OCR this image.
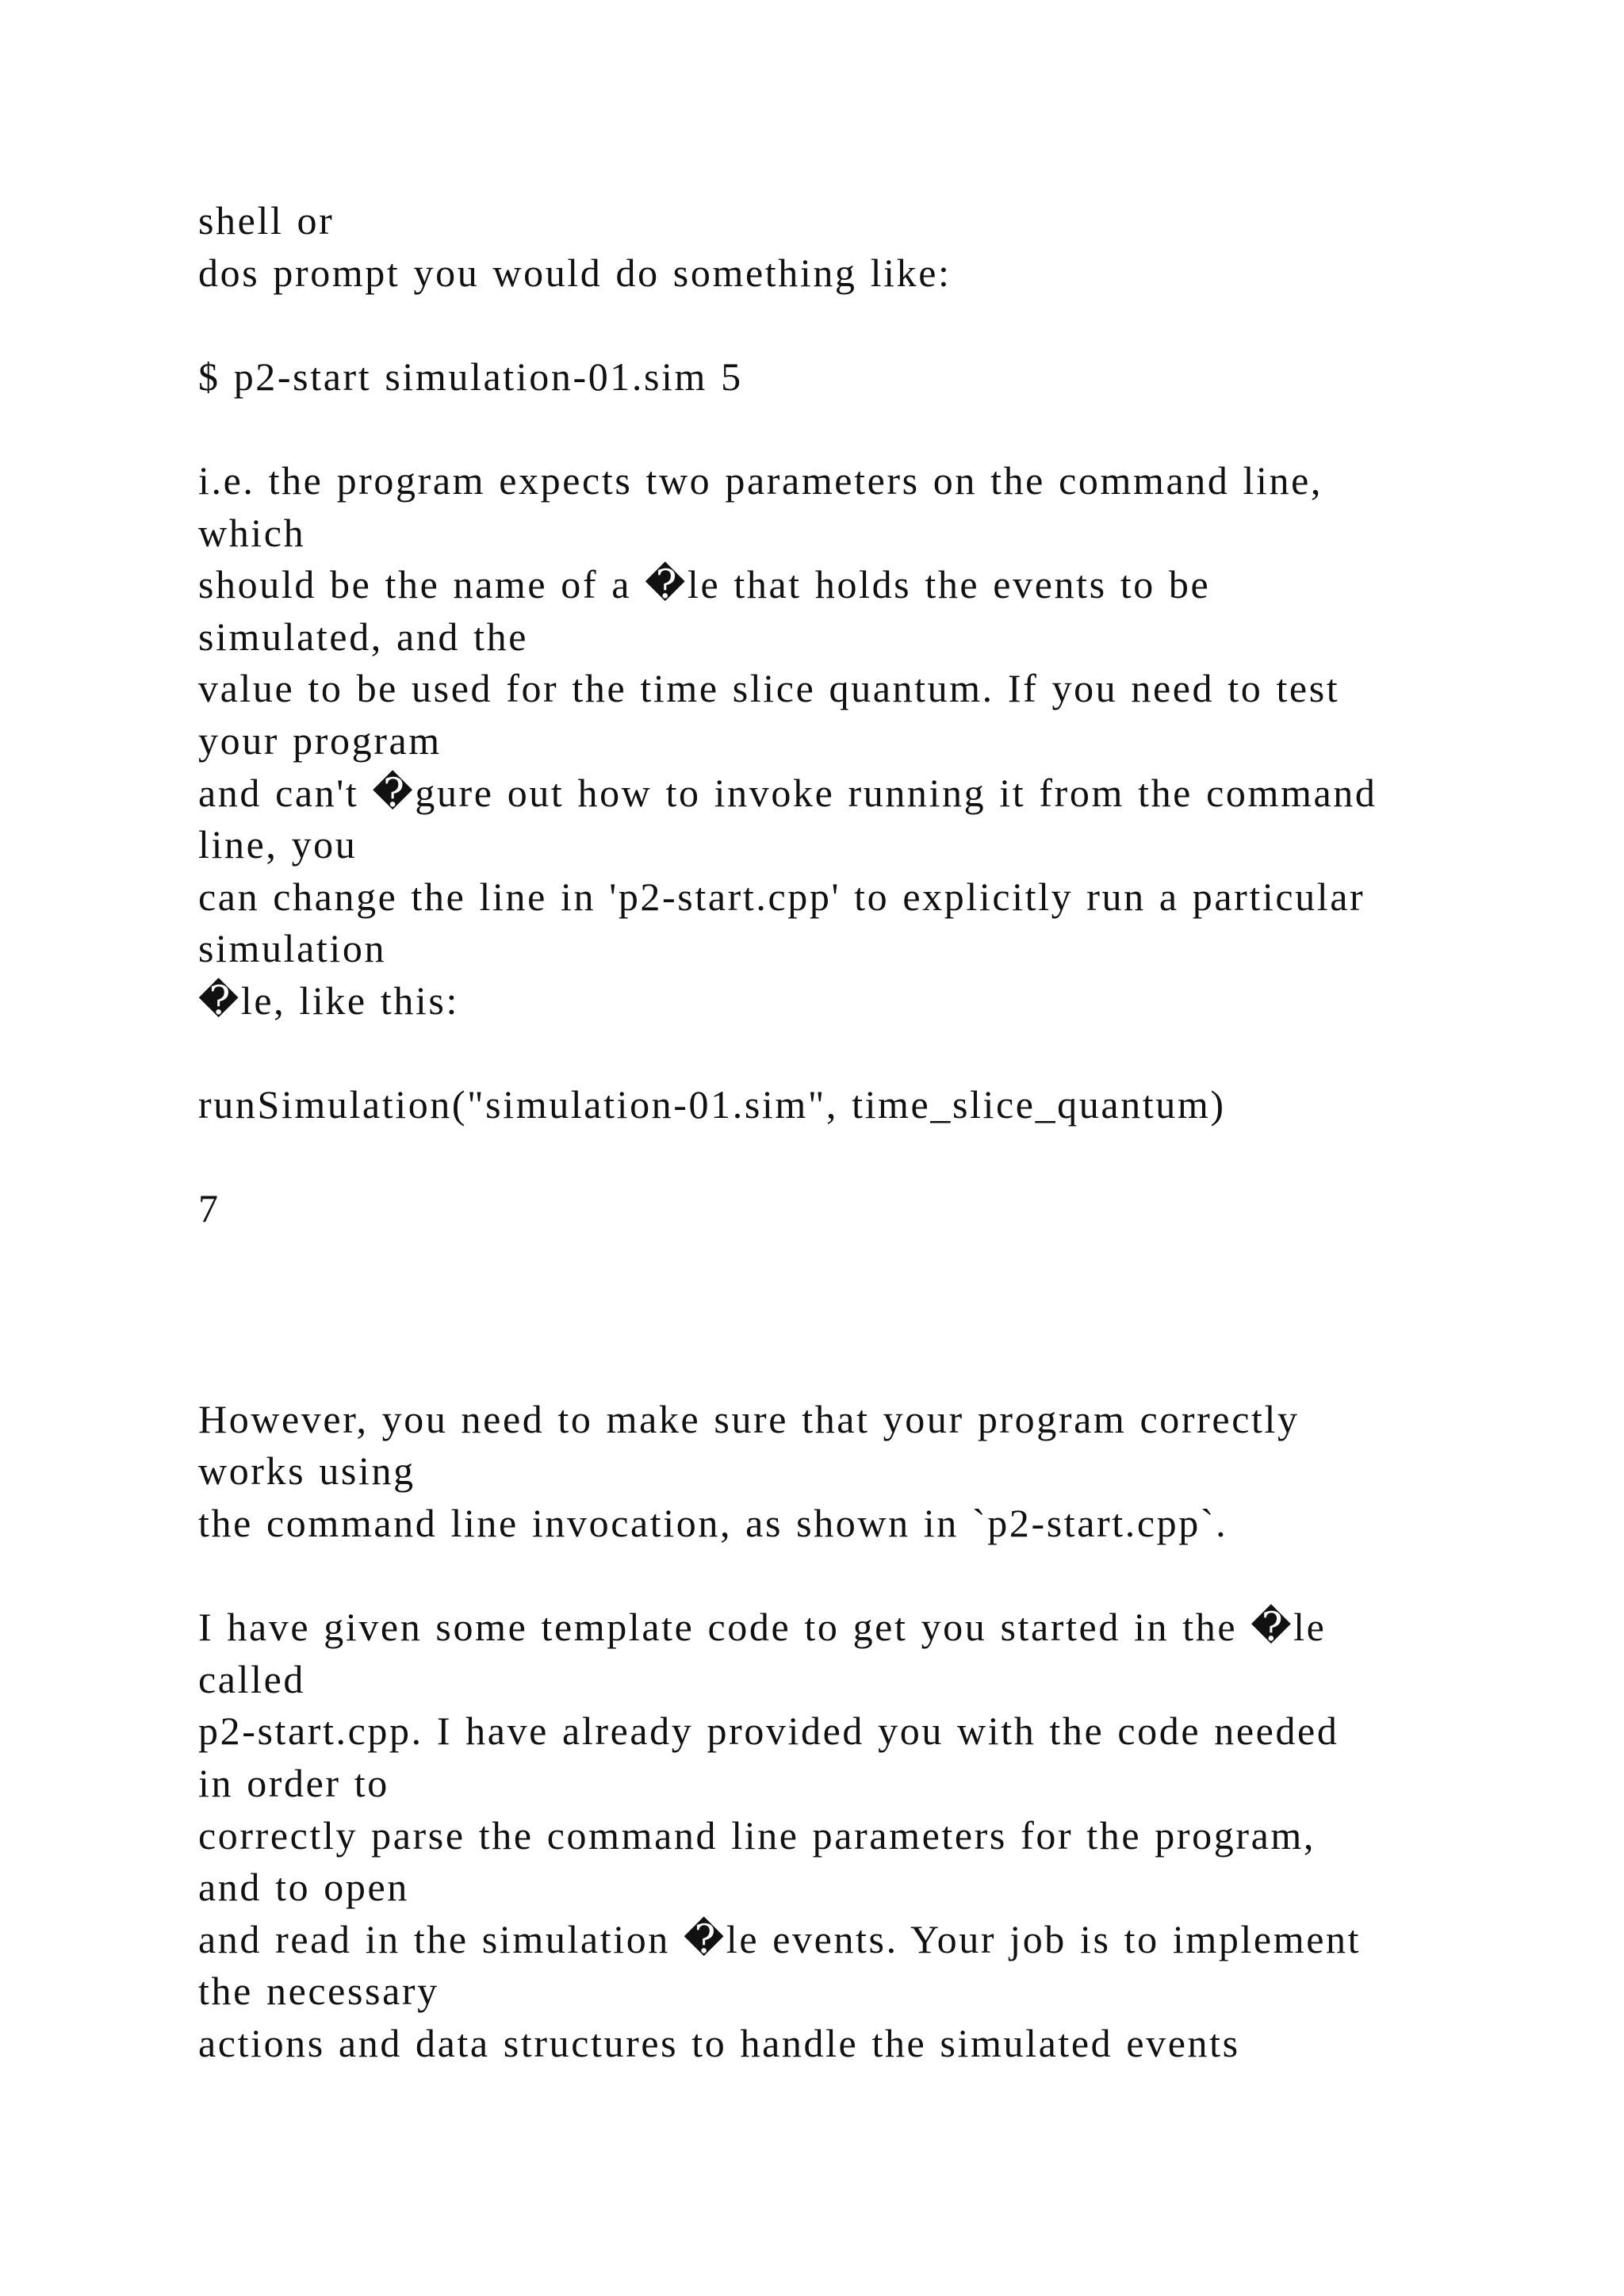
shell or
dos prompt you would do something like:
$ p2-start simulation-01.sim 5
i.e. the program expects two parameters on the command line,
which
should be the name of a �le that holds the events to be
simulated, and the
value to be used for the time slice quantum. If you need to test
your program
and can't �gure out how to invoke running it from the command
line, you
can change the line in 'p2-start.cpp' to explicitly run a particular
simulation
�le, like this:
runSimulation("simulation-01.sim", time_slice_quantum)
7
However, you need to make sure that your program correctly
works using
the command line invocation, as shown in `p2-start.cpp`.
I have given some template code to get you started in the �le
called
p2-start.cpp. I have already provided you with the code needed
in order to
correctly parse the command line parameters for the program,
and to open
and read in the simulation �le events. Your job is to implement
the necessary
actions and data structures to handle the simulated events
